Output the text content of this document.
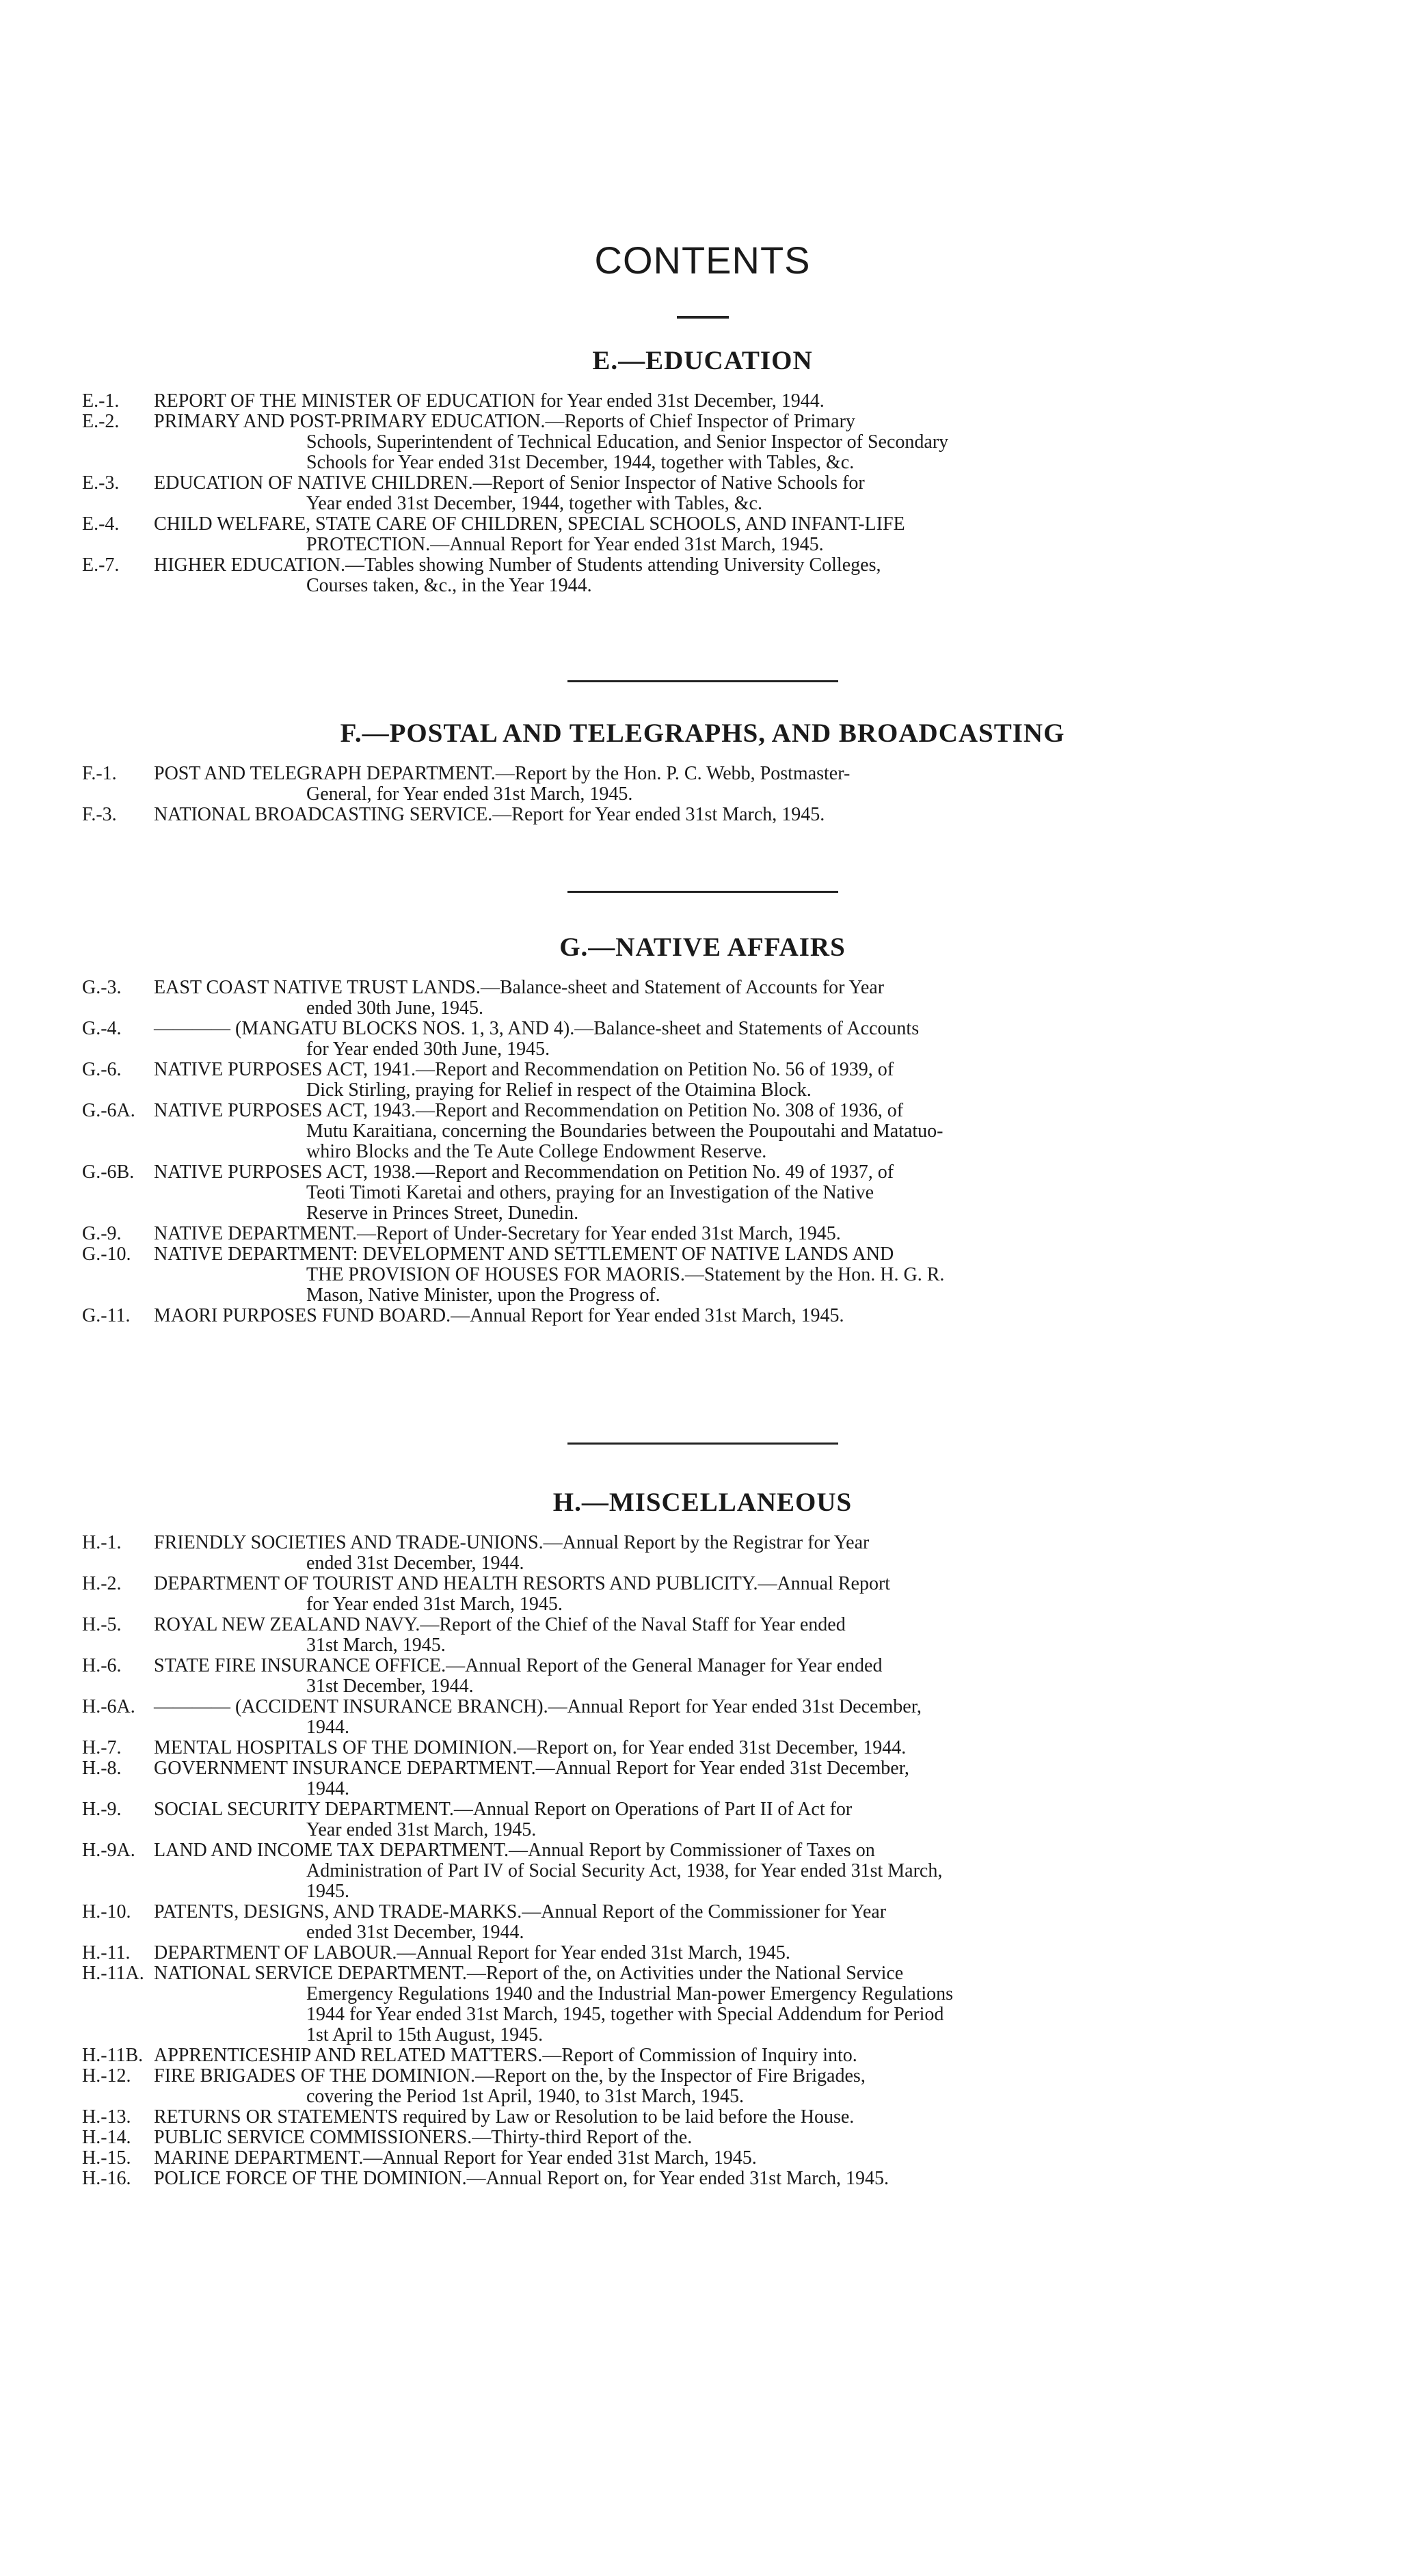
CONTENTS
E.—EDUCATION
E.-1.	REPORT OF THE MINISTER OF EDUCATION for Year ended 31st December, 1944.
E.-2.	PRIMARY AND POST-PRIMARY EDUCATION.—Reports of Chief Inspector of Primary
Schools, Superintendent of Technical Education, and Senior Inspector of Secondary
Schools for Year ended 31st December, 1944, together with Tables, &c.
E.-3.	EDUCATION OF NATIVE CHILDREN.—Report of Senior Inspector of Native Schools for
Year ended 31st December, 1944, together with Tables, &c.
E.-4.	CHILD WELFARE, STATE CARE OF CHILDREN, SPECIAL SCHOOLS, AND INFANT-LIFE
PROTECTION.—Annual Report for Year ended 31st March, 1945.
E.-7.	HIGHER EDUCATION.—Tables showing Number of Students attending University Colleges,
Courses taken, &c., in the Year 1944.
F.—POSTAL AND TELEGRAPHS, AND BROADCASTING
F.-1.	POST AND TELEGRAPH DEPARTMENT.—Report by the Hon. P. C. Webb, Postmaster-
General, for Year ended 31st March, 1945.
F.-3.	NATIONAL BROADCASTING SERVICE.—Report for Year ended 31st March, 1945.
G.—NATIVE AFFAIRS
G.-3.	EAST COAST NATIVE TRUST LANDS.—Balance-sheet and Statement of Accounts for Year
ended 30th June, 1945.
G.-4.	———— (MANGATU BLOCKS NOS. 1, 3, AND 4).—Balance-sheet and Statements of Accounts
for Year ended 30th June, 1945.
G.-6.	NATIVE PURPOSES ACT, 1941.—Report and Recommendation on Petition No. 56 of 1939, of
Dick Stirling, praying for Relief in respect of the Otaimina Block.
G.-6A. NATIVE PURPOSES ACT, 1943.—Report and Recommendation on Petition No. 308 of 1936, of
Mutu Karaitiana, concerning the Boundaries between the Poupoutahi and Matatuo-
whiro Blocks and the Te Aute College Endowment Reserve.
G.-6B.	NATIVE PURPOSES ACT, 1938.—Report and Recommendation on Petition No. 49 of 1937, of
Teoti Timoti Karetai and others, praying for an Investigation of the Native
Reserve in Princes Street, Dunedin.
G.-9.	NATIVE DEPARTMENT.—Report of Under-Secretary for Year ended 31st March, 1945.
G.-10.	NATIVE DEPARTMENT: DEVELOPMENT AND SETTLEMENT OF NATIVE LANDS AND
THE PROVISION OF HOUSES FOR MAORIS.—Statement by the Hon. H. G. R.
Mason, Native Minister, upon the Progress of.
G.-11.	MAORI PURPOSES FUND BOARD.—Annual Report for Year ended 31st March, 1945.
H.—MISCELLANEOUS
H.-1.	FRIENDLY SOCIETIES AND TRADE-UNIONS.—Annual Report by the Registrar for Year
ended 31st December, 1944.
H.-2.	DEPARTMENT OF TOURIST AND HEALTH RESORTS AND PUBLICITY.—Annual Report
for Year ended 31st March, 1945.
H.-5.	ROYAL NEW ZEALAND NAVY.—Report of the Chief of the Naval Staff for Year ended
31st March, 1945.
H.-6.	STATE FIRE INSURANCE OFFICE.—Annual Report of the General Manager for Year ended
31st December, 1944.
H.-6A. ———— (ACCIDENT INSURANCE BRANCH).—Annual Report for Year ended 31st December,
1944.
H.-7.	MENTAL HOSPITALS OF THE DOMINION.—Report on, for Year ended 31st December, 1944.
H.-8.	GOVERNMENT INSURANCE DEPARTMENT.—Annual Report for Year ended 31st December,
1944.
H.-9.	SOCIAL SECURITY DEPARTMENT.—Annual Report on Operations of Part II of Act for
Year ended 31st March, 1945.
H.-9A. LAND AND INCOME TAX DEPARTMENT.—Annual Report by Commissioner of Taxes on
Administration of Part IV of Social Security Act, 1938, for Year ended 31st March,
1945.
H.-10.	PATENTS, DESIGNS, AND TRADE-MARKS.—Annual Report of the Commissioner for Year
ended 31st December, 1944.
H.-11.	DEPARTMENT OF LABOUR.—Annual Report for Year ended 31st March, 1945.
H.-11A. NATIONAL SERVICE DEPARTMENT.—Report of the, on Activities under the National Service
Emergency Regulations 1940 and the Industrial Man-power Emergency Regulations
1944 for Year ended 31st March, 1945, together with Special Addendum for Period
1st April to 15th August, 1945.
H.-11B. APPRENTICESHIP AND RELATED MATTERS.—Report of Commission of Inquiry into.
H.-12.	FIRE BRIGADES OF THE DOMINION.—Report on the, by the Inspector of Fire Brigades,
covering the Period 1st April, 1940, to 31st March, 1945.
H.-13.	RETURNS OR STATEMENTS required by Law or Resolution to be laid before the House.
H.-14.	PUBLIC SERVICE COMMISSIONERS.—Thirty-third Report of the.
H.-15.	MARINE DEPARTMENT.—Annual Report for Year ended 31st March, 1945.
H.-16.	POLICE FORCE OF THE DOMINION.—Annual Report on, for Year ended 31st March, 1945.
